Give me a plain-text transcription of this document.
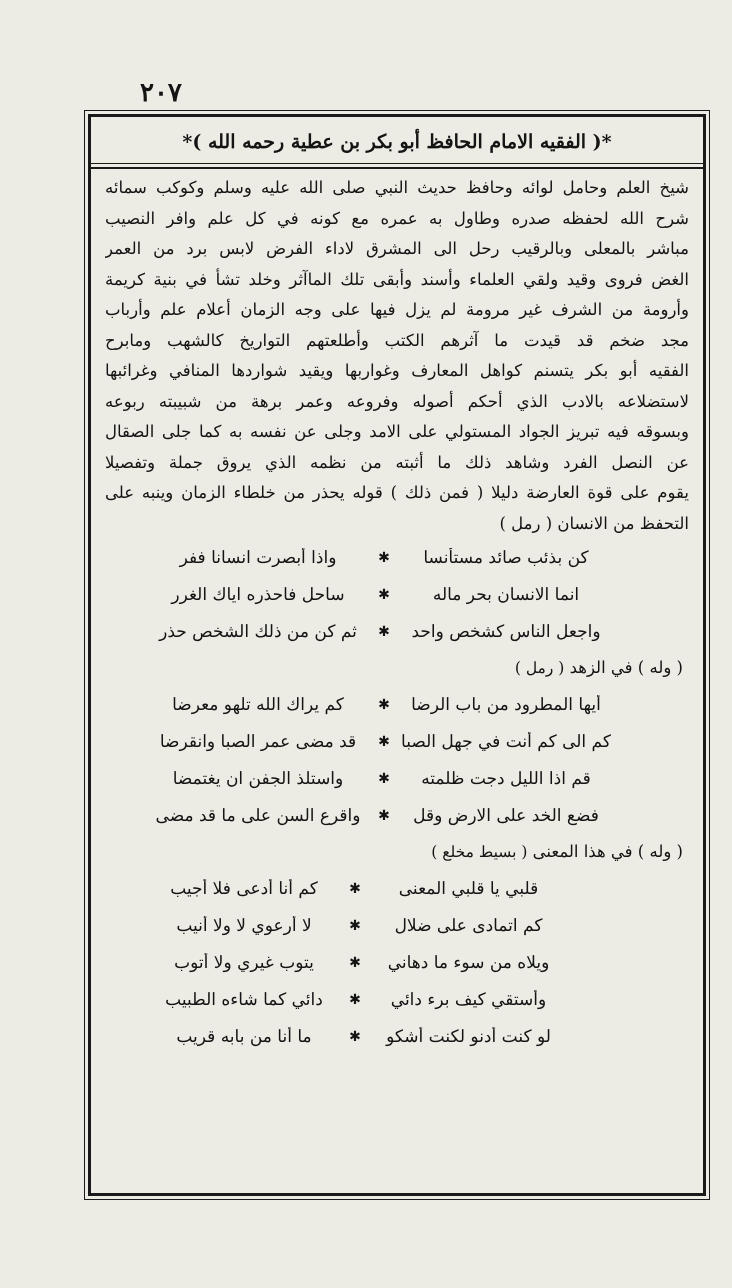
٢٠٧
*( الفقيه الامام الحافظ أبو بكر بن عطية رحمه الله )*

شيخ العلم وحامل لوائه وحافظ حديث النبي صلى الله عليه وسلم وكوكب سمائه

شرح الله لحفظه صدره وطاول به عمره مع كونه في كل علم وافر النصيب

مباشر بالمعلى وبالرقيب رحل الى المشرق لاداء الفرض لابس برد من العمر

الغض فروى وقيد ولقي العلماء وأسند وأبقى تلك الماآثر وخلد تشأ في بنية كريمة

وأرومة من الشرف غير مرومة لم يزل فيها على وجه الزمان أعلام علم وأرباب

مجد ضخم قد قيدت ما آثرهم الكتب وأطلعتهم التواريخ كالشهب ومابرح

الفقيه أبو بكر يتسنم كواهل المعارف وغواربها ويقيد شواردها المنافي وغرائبها

لاستضلاعه بالادب الذي أحكم أصوله وفروعه وعمر برهة من شبيبته ربوعه

وبسوقه فيه تبريز الجواد المستولي على الامد وجلى عن نفسه به كما جلى الصقال

عن النصل الفرد وشاهد ذلك ما أثبته من نظمه الذي يروق جملة وتفصيلا

يقوم على قوة العارضة دليلا ( فمن ذلك ) قوله يحذر من خلطاء الزمان وينبه على

التحفظ من الانسان ( رمل )

كن بذئب صائد مستأنسا
✱
واذا أبصرت انسانا ففر
انما الانسان بحر ماله
✱
ساحل فاحذره اياك الغرر
واجعل الناس كشخص واحد
✱
ثم كن من ذلك الشخص حذر
( وله ) في الزهد ( رمل )
أيها المطرود من باب الرضا
✱
كم يراك الله تلهو معرضا
كم الى كم أنت في جهل الصبا
✱
قد مضى عمر الصبا وانقرضا
قم اذا الليل دجت ظلمته
✱
واستلذ الجفن ان يغتمضا
فضع الخد على الارض وقل
✱
واقرع السن على ما قد مضى
( وله ) في هذا المعنى ( بسيط مخلع )
قلبي يا قلبي المعنى
✱
كم أنا أدعى فلا أجيب
كم اتمادى على ضلال
✱
لا أرعوي لا ولا أنيب
ويلاه من سوء ما دهاني
✱
يتوب غيري ولا أتوب
وأستقي كيف برء دائي
✱
دائي كما شاءه الطبيب
لو كنت أدنو لكنت أشكو
✱
ما أنا من بابه قريب
